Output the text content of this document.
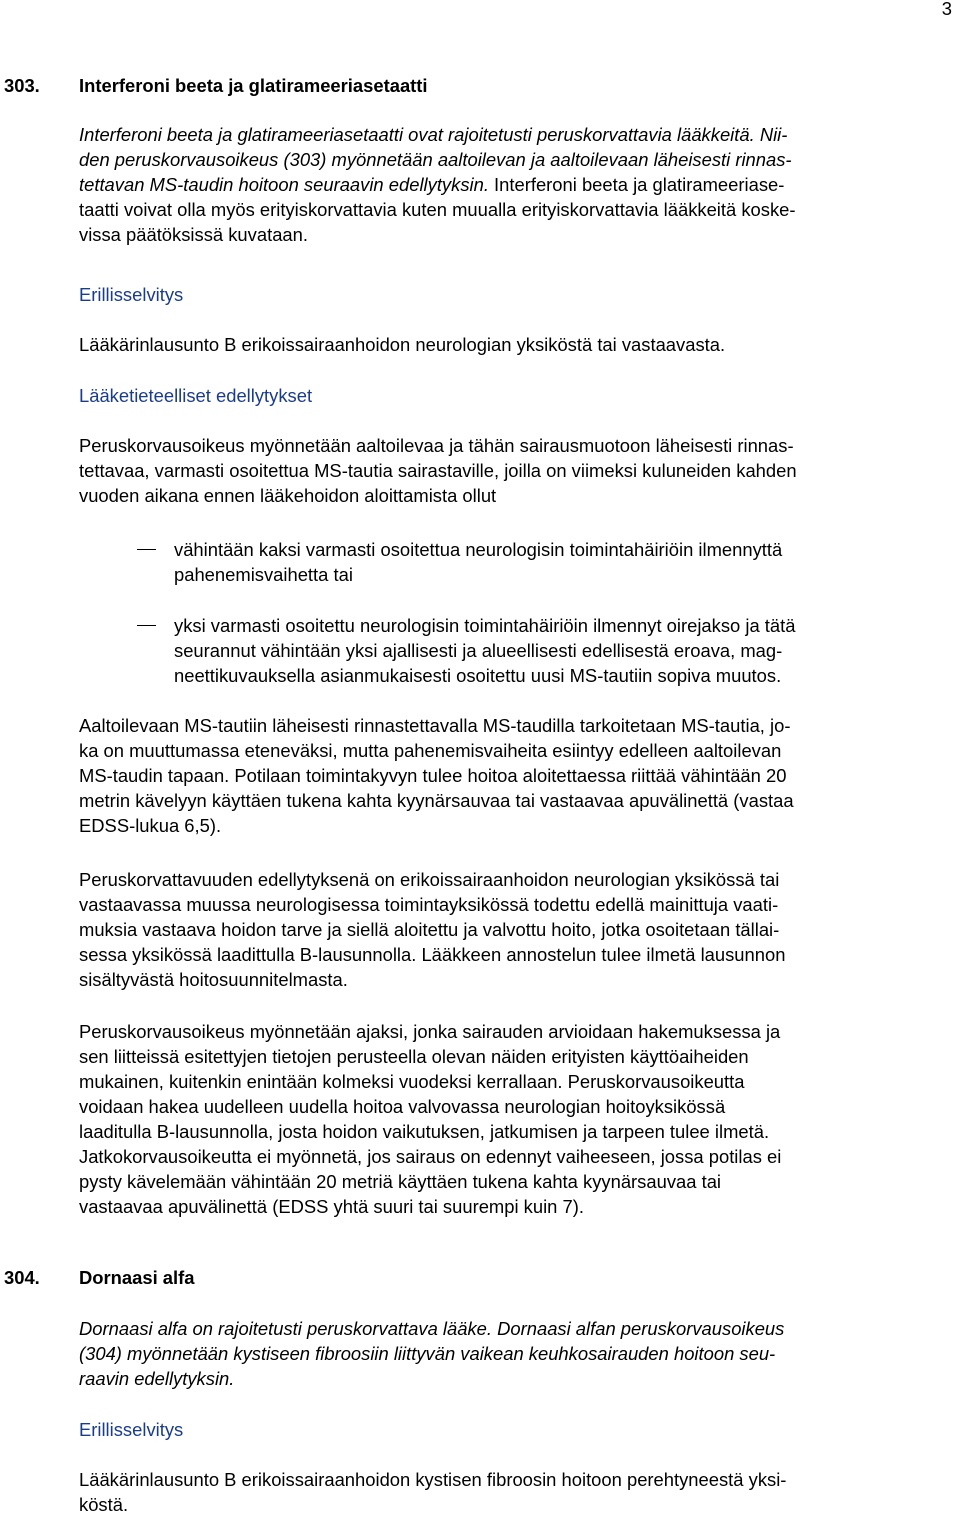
3
303. Interferoni beeta ja glatirameeriasetaatti
Interferoni beeta ja glatirameeriasetaatti ovat rajoitetusti peruskorvattavia lääkkeitä. Nii-
den peruskorvausoikeus (303) myönnetään aaltoilevan ja aaltoilevaan läheisesti rinnas-
tettavan MS-taudin hoitoon seuraavin edellytyksin. Interferoni beeta ja glatirameeriase-
taatti voivat olla myös erityiskorvattavia kuten muualla erityiskorvattavia lääkkeitä koske-
vissa päätöksissä kuvataan.
Erillisselvitys
Lääkärinlausunto B erikoissairaanhoidon neurologian yksiköstä tai vastaavasta.
Lääketieteelliset edellytykset
Peruskorvausoikeus myönnetään aaltoilevaa ja tähän sairausmuotoon läheisesti rinnas-
tettavaa, varmasti osoitettua MS-tautia sairastaville, joilla on viimeksi kuluneiden kahden
vuoden aikana ennen lääkehoidon aloittamista ollut
vähintään kaksi varmasti osoitettua neurologisin toimintahäiriöin ilmennyttä
pahenemisvaihetta tai
yksi varmasti osoitettu neurologisin toimintahäiriöin ilmennyt oirejakso ja tätä
seurannut vähintään yksi ajallisesti ja alueellisesti edellisestä eroava, mag-
neettikuvauksella asianmukaisesti osoitettu uusi MS-tautiin sopiva muutos.
Aaltoilevaan MS-tautiin läheisesti rinnastettavalla MS-taudilla tarkoitetaan MS-tautia, jo-
ka on muuttumassa eteneväksi, mutta pahenemisvaiheita esiintyy edelleen aaltoilevan
MS-taudin tapaan. Potilaan toimintakyvyn tulee hoitoa aloitettaessa riittää vähintään 20
metrin kävelyyn käyttäen tukena kahta kyynärsauvaa tai vastaavaa apuvälinettä (vastaa
EDSS-lukua 6,5).
Peruskorvattavuuden edellytyksenä on erikoissairaanhoidon neurologian yksikössä tai
vastaavassa muussa neurologisessa toimintayksikössä todettu edellä mainittuja vaati-
muksia vastaava hoidon tarve ja siellä aloitettu ja valvottu hoito, jotka osoitetaan tällai-
sessa yksikössä laadittulla B-lausunnolla. Lääkkeen annostelun tulee ilmetä lausunnon
sisältyvästä hoitosuunnitelmasta.
Peruskorvausoikeus myönnetään ajaksi, jonka sairauden arvioidaan hakemuksessa ja
sen liitteissä esitettyjen tietojen perusteella olevan näiden erityisten käyttöaiheiden
mukainen, kuitenkin enintään kolmeksi vuodeksi kerrallaan. Peruskorvausoikeutta
voidaan hakea uudelleen uudella hoitoa valvovassa neurologian hoitoyksikössä
laaditulla B-lausunnolla, josta hoidon vaikutuksen, jatkumisen ja tarpeen tulee ilmetä.
Jatkokorvausoikeutta ei myönnetä, jos sairaus on edennyt vaiheeseen, jossa potilas ei
pysty kävelemään vähintään 20 metriä käyttäen tukena kahta kyynärsauvaa tai
vastaavaa apuvälinettä (EDSS yhtä suuri tai suurempi kuin 7).
304. Dornaasi alfa
Dornaasi alfa on rajoitetusti peruskorvattava lääke. Dornaasi alfan peruskorvausoikeus
(304) myönnetään kystiseen fibroosiin liittyvän vaikean keuhkosairauden hoitoon seu-
raavin edellytyksin.
Erillisselvitys
Lääkärinlausunto B erikoissairaanhoidon kystisen fibroosin hoitoon perehtyneestä yksi-
köstä.
